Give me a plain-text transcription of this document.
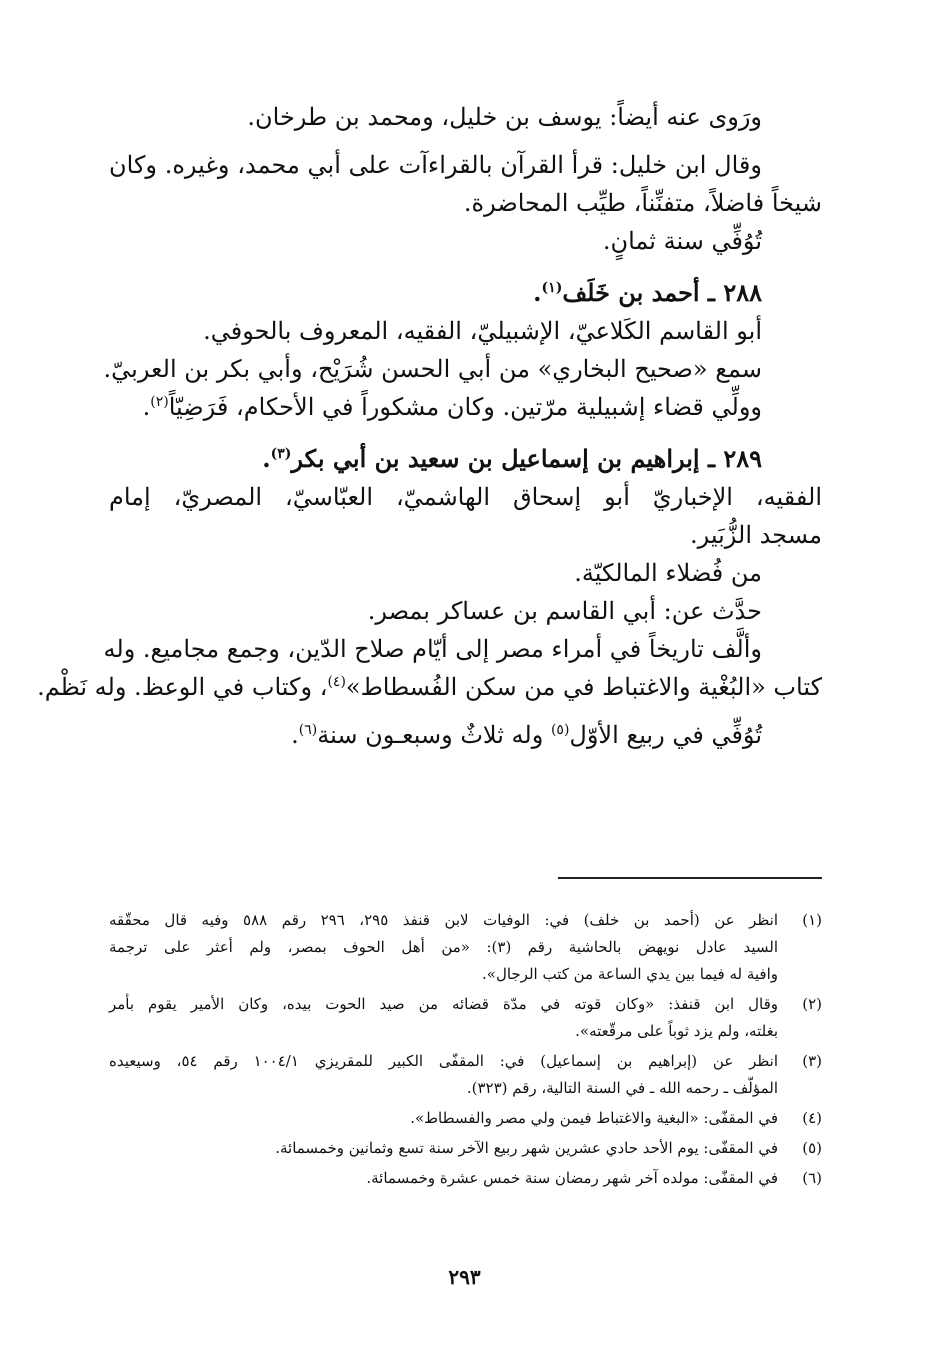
ورَوى عنه أيضاً: يوسف بن خليل، ومحمد بن طرخان.
وقال ابن خليل: قرأ القرآن بالقراءآت على أبي محمد، وغيره. وكان
شيخاً فاضلاً، متفنِّناً، طيِّب المحاضرة.
تُوُفِّي سنة ثمانٍ.
٢٨٨ ـ أحمد بن خَلَف$^{(١)}$.
أبو القاسم الكَلاعيّ، الإشبيليّ، الفقيه، المعروف بالحوفي.
سمع «صحيح البخاري» من أبي الحسن شُرَيْح، وأبي بكر بن العربيّ.
وولِّي قضاء إشبيلية مرّتين. وكان مشكوراً في الأحكام، فَرَضِيّاً$^{(٢)}$.
٢٨٩ ـ إبراهيم بن إسماعيل بن سعيد بن أبي بكر$^{(٣)}$.
الفقيه، الإخباريّ أبو إسحاق الهاشميّ، العبّاسيّ، المصريّ، إمام
مسجد الزُّبَير.
من فُضلاء المالكيّة.
حدَّث عن: أبي القاسم بن عساكر بمصر.
وألَّف تاريخاً في أمراء مصر إلى أيّام صلاح الدّين، وجمع مجاميع. وله
كتاب «البُغْية والاغتباط في من سكن الفُسطاط»$^{(٤)}$، وكتاب في الوعظ. وله نَظْم.
تُوُفِّي في ربيع الأوّل$^{(٥)}$ وله ثلاثٌ وسبعـون سنة$^{(٦)}$.
(١)
انظر عن (أحمد بن خلف) في: الوفيات لابن قنفذ ٢٩٥، ٢٩٦ رقم ٥٨٨ وفيه قال محقّقه
السيد عادل نويهض بالحاشية رقم (٣): «من أهل الحوف بمصر، ولم أعثر على ترجمة
وافية له فيما بين يدي الساعة من كتب الرجال».
(٢)
وقال ابن قنفذ: «وكان قوته في مدّة قضائه من صيد الحوت بيده، وكان الأمير يقوم بأمر
بغلته، ولم يزد ثوباً على مرقّعته».
(٣)
انظر عن (إبراهيم بن إسماعيل) في: المقفّى الكبير للمقريزي ١٠٠٤/١ رقم ٥٤، وسيعيده
المؤلّف ـ رحمه الله ـ في السنة التالية، رقم (٣٢٣).
(٤)
في المقفّى: «البغية والاغتباط فيمن ولي مصر والفسطاط».
(٥)
في المقفّى: يوم الأحد حادي عشرين شهر ربيع الآخر سنة تسع وثمانين وخمسمائة.
(٦)
في المقفّى: مولده آخر شهر رمضان سنة خمس عشرة وخمسمائة.
٢٩٣
